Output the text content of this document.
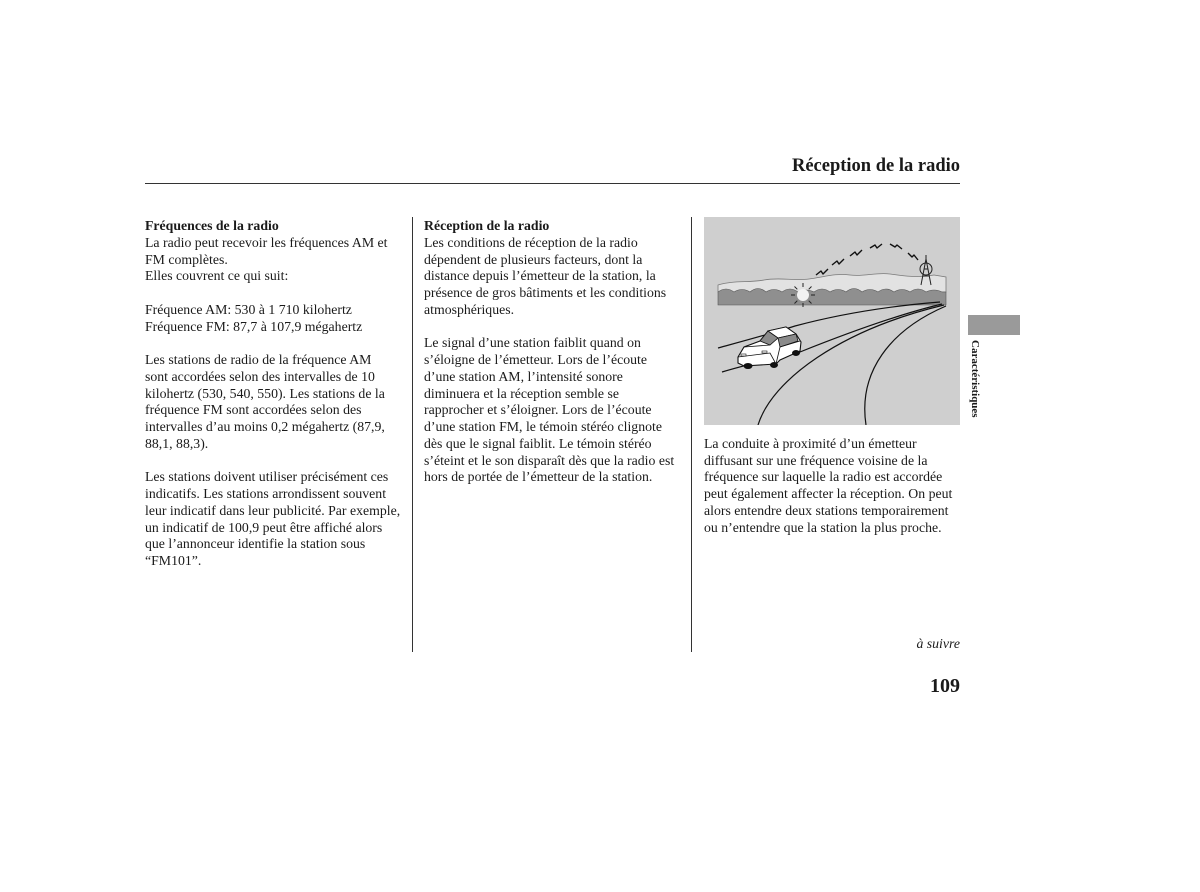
Réception de la radio
Fréquences de la radio
La radio peut recevoir les fréquences AM et
FM complètes.
Elles couvrent ce qui suit:
Fréquence AM: 530 à 1 710 kilohertz
Fréquence FM: 87,7 à 107,9 mégahertz
Les stations de radio de la fréquence AM
sont accordées selon des intervalles de 10
kilohertz (530, 540, 550). Les stations de la
fréquence FM sont accordées selon des
intervalles d’au moins 0,2 mégahertz (87,9,
88,1, 88,3).
Les stations doivent utiliser précisément ces
indicatifs. Les stations arrondissent souvent
leur indicatif dans leur publicité. Par exemple,
un indicatif de 100,9 peut être affiché alors
que l’annonceur identifie la station sous
“FM101”.
Réception de la radio
Les conditions de réception de la radio
dépendent de plusieurs facteurs, dont la
distance depuis l’émetteur de la station, la
présence de gros bâtiments et les conditions
atmosphériques.
Le signal d’une station faiblit quand on
s’éloigne de l’émetteur. Lors de l’écoute
d’une station AM, l’intensité sonore
diminuera et la réception semble se
rapprocher et s’éloigner. Lors de l’écoute
d’une station FM, le témoin stéréo clignote
dès que le signal faiblit. Le témoin stéréo
s’éteint et le son disparaît dès que la radio est
hors de portée de l’émetteur de la station.
La conduite à proximité d’un émetteur
diffusant sur une fréquence voisine de la
fréquence sur laquelle la radio est accordée
peut également affecter la réception. On peut
alors entendre deux stations temporairement
ou n’entendre que la station la plus proche.
à suivre
109
Caractéristiques
